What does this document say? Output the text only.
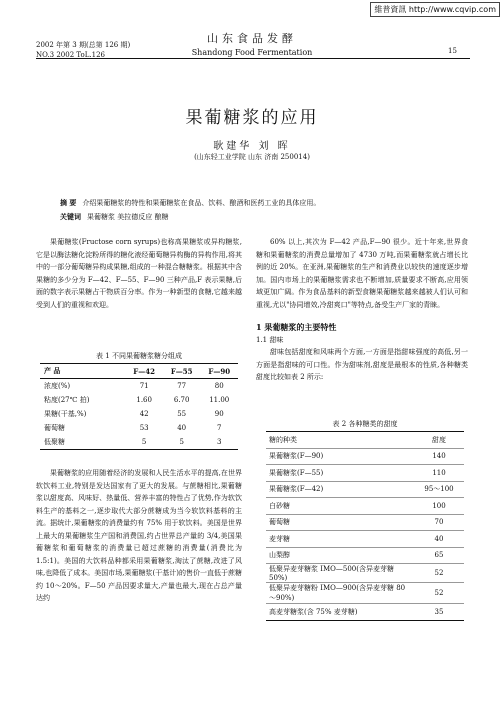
維普資訊 http://www.cqvip.com
2002 年第 3 期(总第 126 期)
NO.3 2002 ToL.126
山东食品发酵
Shandong Food Fermentation	15
果葡糖浆的应用
耿建华 刘 晖
(山东轻工业学院 山东 济南 250014)
摘 要 介绍果葡糖浆的特性和果葡糖浆在食品、饮料、酿酒和医药工业的具体应用。
关键词 果葡糖浆 美拉德反应 酿糖

果葡糖浆(Fructose corn syrups)也称高果糖浆或异构糖浆,它是以酶法糖化淀粉所得的糖化液经葡萄糖异构酶的异构作用,将其中的一部分葡萄糖异构成果糖,组成的一种混合糖糖浆。根据其中含果糖的多少分为 F—42、F—55、F—90 三种产品,F 表示果糖,后面的数字表示果糖占干物质百分率。作为一种新型的食糖,它越来越受到人们的重视和欢迎。

表 1 不同果葡糖浆糖分组成
产 品	F—42	F—55	F—90
浓度(%)	71	77	80
粘度(27℃ 拍)	1.60	6.70	11.00
果糖(干基,%)	42	55	90
葡萄糖	53	40	7
低聚糖	5	5	3

果葡糖浆的应用随着经济的发展和人民生活水平的提高,在世界软饮料工业,特别是发达国家有了更大的发展。与蔗糖相比,果葡糖浆以甜度高、风味好、热量低、营养丰富的特性占了优势,作为软饮料生产的基料之一,逐步取代大部分蔗糖成为当今软饮料基料的主流。据统计,果葡糖浆的消费量约有 75% 用于软饮料。美国是世界上最大的果葡糖浆生产国和消费国,约占世界总产量的 3/4,美国果葡糖浆和葡萄糖浆的消费量已超过蔗糖的消费量(消费比为 1.5:1)。美国的大饮料品种都采用果葡糖浆,淘汰了蔗糖,改进了风味,也降低了成本。美国市场,果葡糖浆(干基计)的售价一直低于蔗糖约 10～20%。F—50 产品因要求量大,产量也最大,现在占总产量达约

60% 以上,其次为 F—42 产品,F—90 很少。近十年来,世界食糖和果葡糖浆的消费总量增加了 4730 万吨,而果葡糖浆就占增长比例的近 20%。在亚洲,果葡糖浆的生产和消费业以较快的速度逐步增加。国内市场上的果葡糖浆需求也不断增加,质量要求不断高,应用领域更加广阔。作为食品基料的新型食糖果葡糖浆越来越被人们认可和重视,尤以"协同增效,冷甜爽口"等特点,备受生产厂家的青睐。

1 果葡糖浆的主要特性
1.1 甜味

甜味包括甜度和风味两个方面,一方面是指甜味强度的高低,另一方面是指甜味的可口性。作为甜味剂,甜度是最根本的性质,各种糖类甜度比较如表 2 所示:

表 2 各种糖类的甜度
糖的种类	甜度
果葡糖浆(F—90)	140
果葡糖浆(F—55)	110
果葡糖浆(F—42)	95～100
白砂糖	100
葡萄糖	70
麦芽糖	40
山梨醇	65
低聚异麦芽糖浆 IMO—500(含异麦芽糖 50%)	52
低聚异麦芽糖粉 IMO—900(含异麦芽糖 80～90%)	52
高麦芽糖浆(含 75% 麦芽糖)	35
